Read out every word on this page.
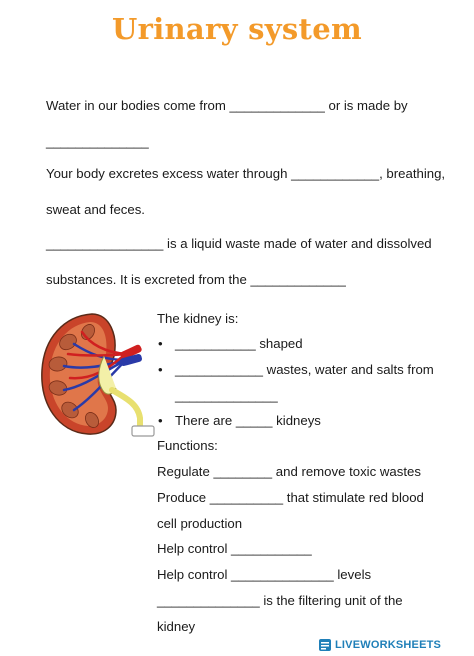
Urinary system
Water in our bodies come from _____________ or is made by
______________
Your body excretes excess water through ____________, breathing,
sweat and feces.
________________ is a liquid waste made of water and dissolved
substances. It is excreted from the _____________
The kidney is:
• ___________ shaped
• ____________ wastes, water and salts from
______________
• There are _____ kidneys
Functions:
Regulate ________ and remove toxic wastes
Produce __________ that stimulate red blood
cell production
Help control ___________
Help control ______________ levels
______________ is the filtering unit of the
kidney
LIVEWORKSHEETS
